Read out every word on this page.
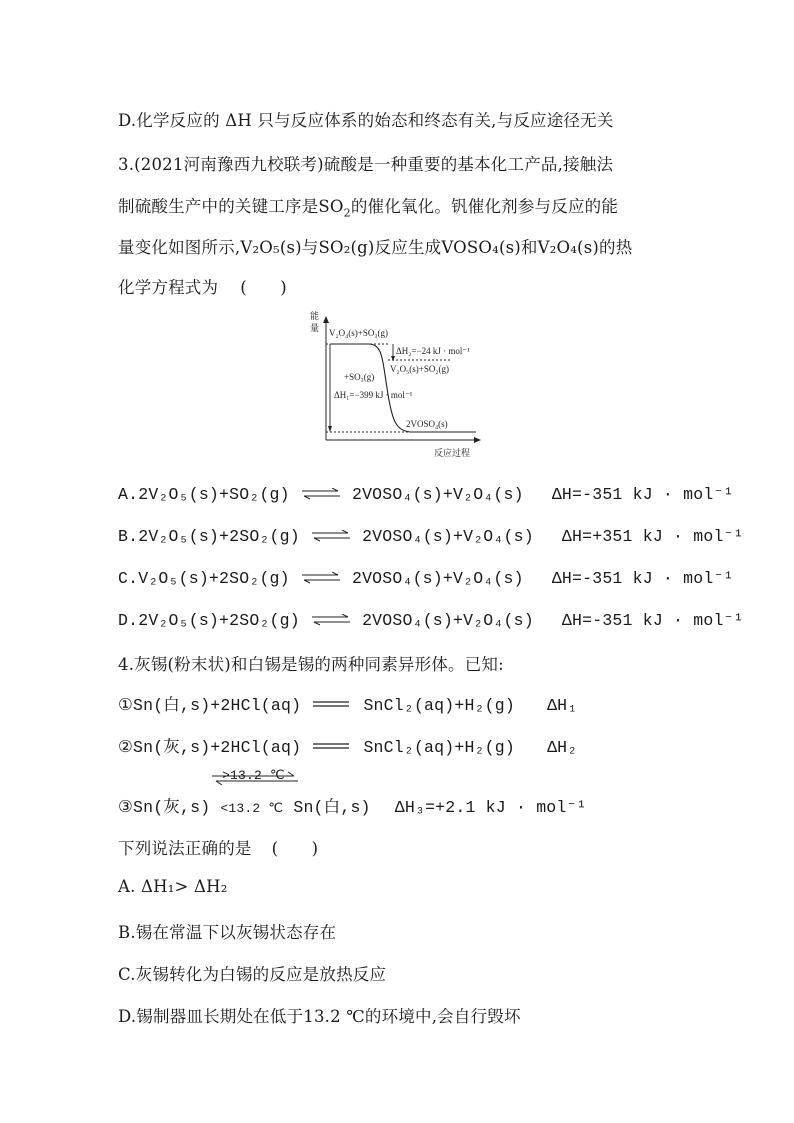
D.化学反应的 ΔH 只与反应体系的始态和终态有关,与反应途径无关
3.(2021河南豫西九校联考)硫酸是一种重要的基本化工产品,接触法
制硫酸生产中的关键工序是$SO_2$的催化氧化。钒催化剂参与反应的能
量变化如图所示,V₂O₅(s)与SO₂(g)反应生成VOSO₄(s)和V₂O₄(s)的热
化学方程式为 (　　)
能
量
反应过程
V₂O₄(s)+SO₃(g)
ΔH₂=−24 kJ · mol⁻¹
V₂O₅(s)+SO₂(g)
+SO₃(g)
ΔH₁=−399 kJ · mol⁻¹
2VOSO₄(s)
A.2V₂O₅(s)+SO₂(g) ⇌ 2VOSO₄(s)+V₂O₄(s) ΔH=-351 kJ · mol⁻¹
B.2V₂O₅(s)+2SO₂(g) ⇌ 2VOSO₄(s)+V₂O₄(s) ΔH=+351 kJ · mol⁻¹
C.V₂O₅(s)+2SO₂(g) ⇌ 2VOSO₄(s)+V₂O₄(s) ΔH=-351 kJ · mol⁻¹
D.2V₂O₅(s)+2SO₂(g) ⇌ 2VOSO₄(s)+V₂O₄(s) ΔH=-351 kJ · mol⁻¹
4.灰锡(粉末状)和白锡是锡的两种同素异形体。已知:
①Sn(白,s)+2HCl(aq)	SnCl₂(aq)+H₂(g) ΔH₁
②Sn(灰,s)+2HCl(aq)	SnCl₂(aq)+H₂(g) ΔH₂
>13.2 ℃
③Sn(灰,s) <13.2 ℃ Sn(白,s) ΔH₃=+2.1 kJ · mol⁻¹
下列说法正确的是 (　　)
A. ΔH₁> ΔH₂
B.锡在常温下以灰锡状态存在
C.灰锡转化为白锡的反应是放热反应
D.锡制器皿长期处在低于13.2 ℃的环境中,会自行毁坏
